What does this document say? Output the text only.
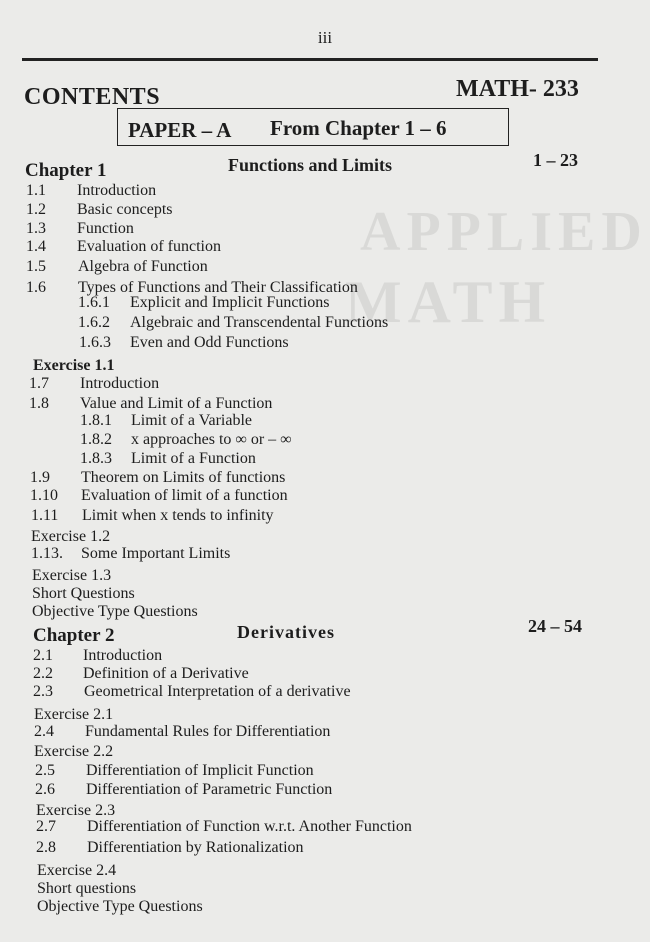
APPLIED
MATH
iii
CONTENTS	MATH- 233
PAPER – A From Chapter 1 – 6
Chapter 1	Functions and Limits	1 – 23
1.1 Introduction
1.2 Basic concepts
1.3 Function
1.4 Evaluation of function
1.5 Algebra of Function
1.6 Types of Functions and Their Classification
1.6.1 Explicit and Implicit Functions
1.6.2 Algebraic and Transcendental Functions
1.6.3 Even and Odd Functions
Exercise 1.1
1.7 Introduction
1.8 Value and Limit of a Function
1.8.1 Limit of a Variable
1.8.2 x approaches to ∞ or – ∞
1.8.3 Limit of a Function
1.9 Theorem on Limits of functions
1.10 Evaluation of limit of a function
1.11 Limit when x tends to infinity
Exercise 1.2
1.13. Some Important Limits
Exercise 1.3
Short Questions
Objective Type Questions
Chapter 2	Derivatives	24 – 54
2.1 Introduction
2.2 Definition of a Derivative
2.3 Geometrical Interpretation of a derivative
Exercise 2.1
2.4 Fundamental Rules for Differentiation
Exercise 2.2
2.5 Differentiation of Implicit Function
2.6 Differentiation of Parametric Function
Exercise 2.3
2.7 Differentiation of Function w.r.t. Another Function
2.8 Differentiation by Rationalization
Exercise 2.4
Short questions
Objective Type Questions
